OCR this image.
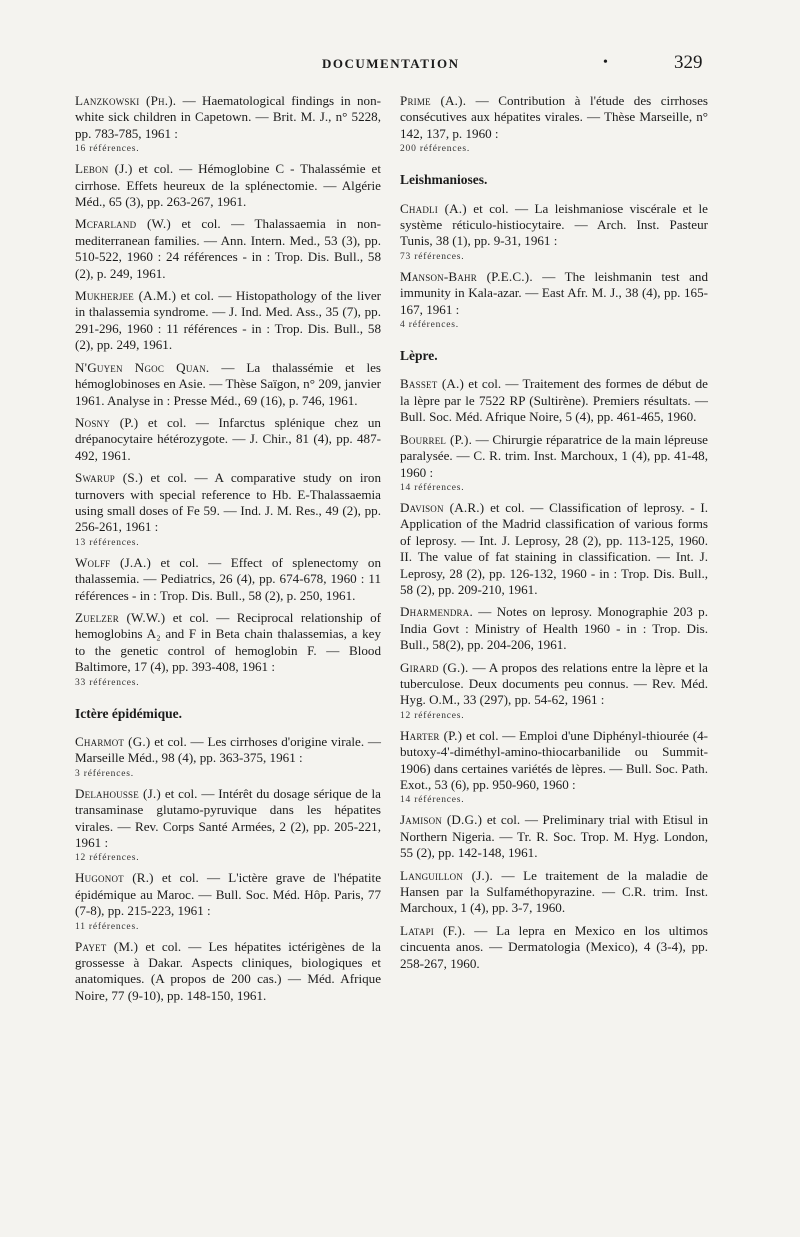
DOCUMENTATION	•	329
Lanzkowski (Ph.). — Haematological findings in non-white sick children in Capetown. — Brit. M. J., n° 5228, pp. 783-785, 1961 :
16 références.
Lebon (J.) et col. — Hémoglobine C - Thalassémie et cirrhose. Effets heureux de la splénectomie. — Algérie Méd., 65 (3), pp. 263-267, 1961.
Mcfarland (W.) et col. — Thalassaemia in non-mediterranean families. — Ann. Intern. Med., 53 (3), pp. 510-522, 1960 : 24 références - in : Trop. Dis. Bull., 58 (2), p. 249, 1961.
Mukherjee (A.M.) et col. — Histopathology of the liver in thalassemia syndrome. — J. Ind. Med. Ass., 35 (7), pp. 291-296, 1960 : 11 références - in : Trop. Dis. Bull., 58 (2), pp. 249, 1961.
N'Guyen Ngoc Quan. — La thalassémie et les hémoglobinoses en Asie. — Thèse Saïgon, n° 209, janvier 1961. Analyse in : Presse Méd., 69 (16), p. 746, 1961.
Nosny (P.) et col. — Infarctus splénique chez un drépanocytaire hétérozygote. — J. Chir., 81 (4), pp. 487-492, 1961.
Swarup (S.) et col. — A comparative study on iron turnovers with special reference to Hb. E-Thalassaemia using small doses of Fe 59. — Ind. J. M. Res., 49 (2), pp. 256-261, 1961 :
13 références.
Wolff (J.A.) et col. — Effect of splenectomy on thalassemia. — Pediatrics, 26 (4), pp. 674-678, 1960 : 11 références - in : Trop. Dis. Bull., 58 (2), p. 250, 1961.
Zuelzer (W.W.) et col. — Reciprocal relationship of hemoglobins A₂ and F in Beta chain thalassemias, a key to the genetic control of hemoglobin F. — Blood Baltimore, 17 (4), pp. 393-408, 1961 :
33 références.
Ictère épidémique.
Charmot (G.) et col. — Les cirrhoses d'origine virale. — Marseille Méd., 98 (4), pp. 363-375, 1961 :
3 références.
Delahousse (J.) et col. — Intérêt du dosage sérique de la transaminase glutamo-pyruvique dans les hépatites virales. — Rev. Corps Santé Armées, 2 (2), pp. 205-221, 1961 :
12 références.
Hugonot (R.) et col. — L'ictère grave de l'hépatite épidémique au Maroc. — Bull. Soc. Méd. Hôp. Paris, 77 (7-8), pp. 215-223, 1961 :
11 références.
Payet (M.) et col. — Les hépatites ictérigènes de la grossesse à Dakar. Aspects cliniques, biologiques et anatomiques. (A propos de 200 cas.) — Méd. Afrique Noire, 77 (9-10), pp. 148-150, 1961.
Prime (A.). — Contribution à l'étude des cirrhoses consécutives aux hépatites virales. — Thèse Marseille, n° 142, 137, p. 1960 :
200 références.
Leishmanioses.
Chadli (A.) et col. — La leishmaniose viscérale et le système réticulo-histiocytaire. — Arch. Inst. Pasteur Tunis, 38 (1), pp. 9-31, 1961 :
73 références.
Manson-Bahr (P.E.C.). — The leishmanin test and immunity in Kala-azar. — East Afr. M. J., 38 (4), pp. 165-167, 1961 :
4 références.
Lèpre.
Basset (A.) et col. — Traitement des formes de début de la lèpre par le 7522 RP (Sultirène). Premiers résultats. — Bull. Soc. Méd. Afrique Noire, 5 (4), pp. 461-465, 1960.
Bourrel (P.). — Chirurgie réparatrice de la main lépreuse paralysée. — C. R. trim. Inst. Marchoux, 1 (4), pp. 41-48, 1960 :
14 références.
Davison (A.R.) et col. — Classification of leprosy. - I. Application of the Madrid classification of various forms of leprosy. — Int. J. Leprosy, 28 (2), pp. 113-125, 1960. II. The value of fat staining in classification. — Int. J. Leprosy, 28 (2), pp. 126-132, 1960 - in : Trop. Dis. Bull., 58 (2), pp. 209-210, 1961.
Dharmendra. — Notes on leprosy. Monographie 203 p. India Govt : Ministry of Health 1960 - in : Trop. Dis. Bull., 58(2), pp. 204-206, 1961.
Girard (G.). — A propos des relations entre la lèpre et la tuberculose. Deux documents peu connus. — Rev. Méd. Hyg. O.M., 33 (297), pp. 54-62, 1961 :
12 références.
Harter (P.) et col. — Emploi d'une Diphényl-thiourée (4-butoxy-4'-diméthyl-amino-thiocarbanilide ou Summit-1906) dans certaines variétés de lèpres. — Bull. Soc. Path. Exot., 53 (6), pp. 950-960, 1960 :
14 références.
Jamison (D.G.) et col. — Preliminary trial with Etisul in Northern Nigeria. — Tr. R. Soc. Trop. M. Hyg. London, 55 (2), pp. 142-148, 1961.
Languillon (J.). — Le traitement de la maladie de Hansen par la Sulfaméthopyrazine. — C.R. trim. Inst. Marchoux, 1 (4), pp. 3-7, 1960.
Latapi (F.). — La lepra en Mexico en los ultimos cincuenta anos. — Dermatologia (Mexico), 4 (3-4), pp. 258-267, 1960.
